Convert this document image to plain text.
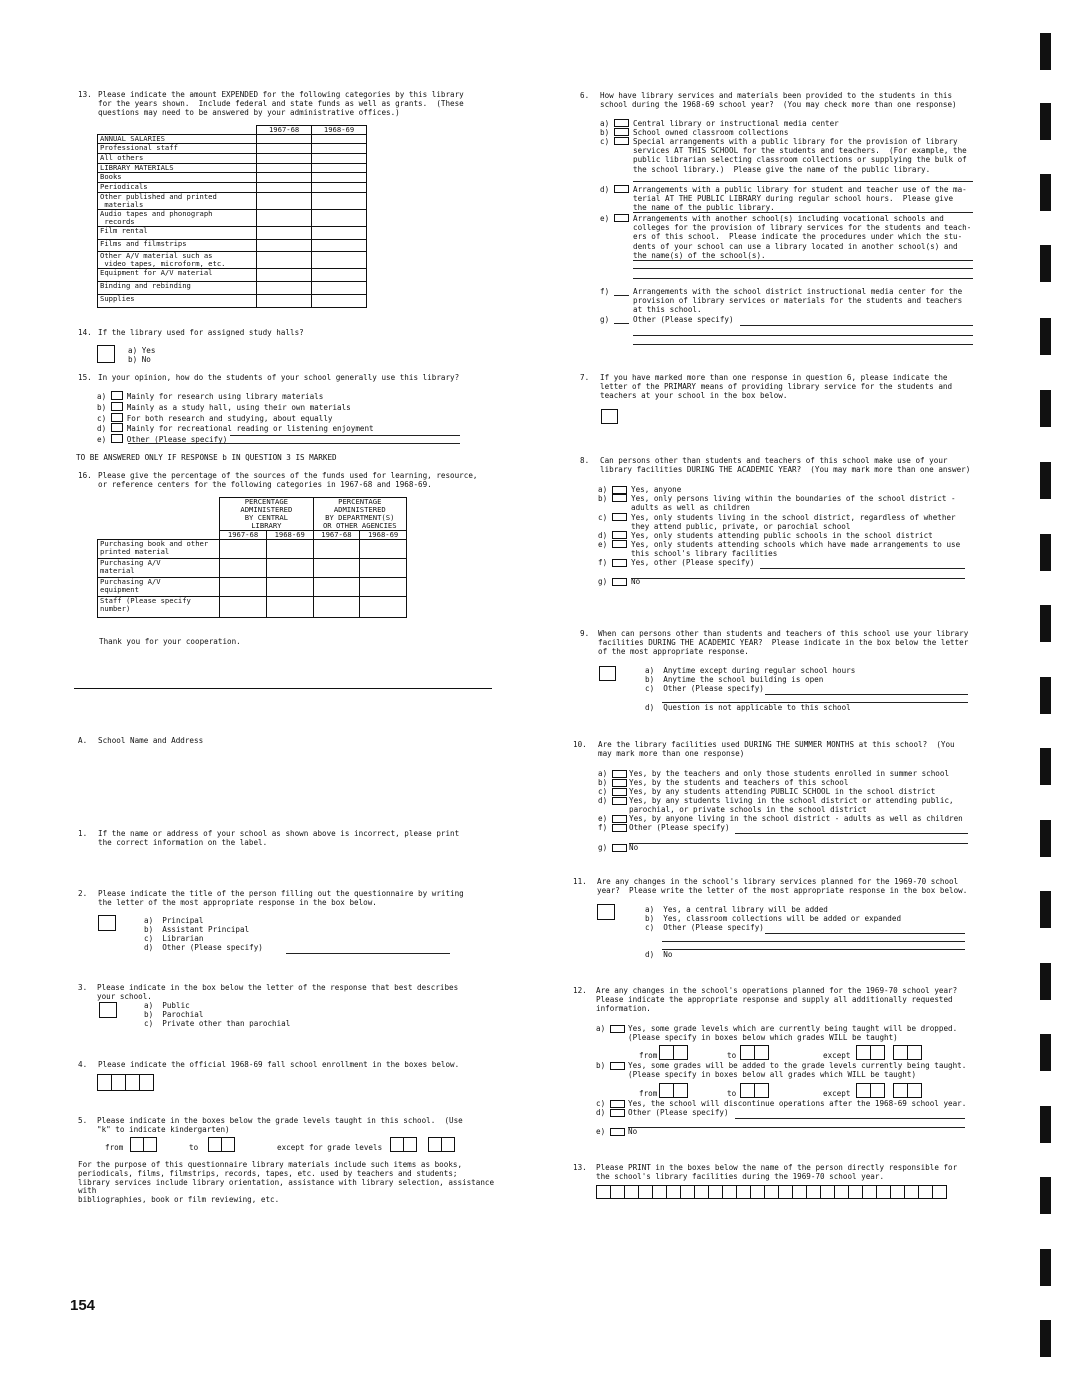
13. Please indicate the amount EXPENDED for the following categories by this library
for the years shown.  Include federal and state funds as well as grants.  (These
questions may need to be answered by your administrative offices.)
	1967-68	1968-69
ANNUAL SALARIES		
Professional staff		
All others		
LIBRARY MATERIALS		
Books		
Periodicals		
Other published and printed
materials		
Audio tapes and phonograph
records		
Film rental		
Films and filmstrips		
Other A/V material such as
video tapes, microform, etc.		
Equipment for A/V material		
Binding and rebinding		
Supplies		
14. If the library used for assigned study halls?
a) Yes
b) No
15. In your opinion, how do the students of your school generally use this library?
a)	Mainly for research using library materials
b)	Mainly as a study hall, using their own materials
c)	For both research and studying, about equally
d)	Mainly for recreational reading or listening enjoyment
e)	Other (Please specify)
TO BE ANSWERED ONLY IF RESPONSE b IN QUESTION 3 IS MARKED
16. Please give the percentage of the sources of the funds used for learning, resource,
or reference centers for the following categories in 1967-68 and 1968-69.
	PERCENTAGE
ADMINISTERED
BY CENTRAL
LIBRARY		PERCENTAGE
ADMINISTERED
BY DEPARTMENT(S)
OR OTHER AGENCIES	
	1967-68	1968-69	1967-68	1968-69
Purchasing book and other
printed material				
Purchasing A/V
material				
Purchasing A/V
equipment				
Staff (Please specify
number)				
Thank you for your cooperation.
A. School Name and Address
1. If the name or address of your school as shown above is incorrect, please print
the correct information on the label.
2. Please indicate the title of the person filling out the questionnaire by writing
the letter of the most appropriate response in the box below.
a)  Principal
b)  Assistant Principal
c)  Librarian
d)  Other (Please specify)
3. Please indicate in the box below the letter of the response that best describes
your school.
a)  Public
b)  Parochial
c)  Private other than parochial
4. Please indicate the official 1968-69 fall school enrollment in the boxes below.
5. Please indicate in the boxes below the grade levels taught in this school.  (Use
"k" to indicate kindergarten)
from	to	except for grade levels
For the purpose of this questionnaire library materials include such items as books,
periodicals, films, filmstrips, records, tapes, etc. used by teachers and students;
library services include library orientation, assistance with library selection, assistance with
bibliographies, book or film reviewing, etc.
154
6. How have library services and materials been provided to the students in this
school during the 1968-69 school year?  (You may check more than one response)
a)	Central library or instructional media center
b)	School owned classroom collections
c)	Special arrangements with a public library for the provision of library
services AT THIS SCHOOL for the students and teachers.  (For example, the
public librarian selecting classroom collections or supplying the bulk of
the school library.)  Please give the name of the public library.
d)	Arrangements with a public library for student and teacher use of the ma-
terial AT THE PUBLIC LIBRARY during regular school hours.  Please give
the name of the public library.
e)	Arrangements with another school(s) including vocational schools and
colleges for the provision of library services for the students and teach-
ers of this school.  Please indicate the procedures under which the stu-
dents of your school can use a library located in another school(s) and
the name(s) of the school(s).
f)	Arrangements with the school district instructional media center for the
provision of library services or materials for the students and teachers
at this school.
g)	Other (Please specify)
7. If you have marked more than one response in question 6, please indicate the
letter of the PRIMARY means of providing library service for the students and
teachers at your school in the box below.
8. Can persons other than students and teachers of this school make use of your
library facilities DURING THE ACADEMIC YEAR?  (You may mark more than one answer)
a)	Yes, anyone
b)	Yes, only persons living within the boundaries of the school district -
adults as well as children
c)	Yes, only students living in the school district, regardless of whether
they attend public, private, or parochial school
d)	Yes, only students attending public schools in the school district
e)	Yes, only students attending schools which have made arrangements to use
this school's library facilities
f)	Yes, other (Please specify)
g)	No
9. When can persons other than students and teachers of this school use your library
facilities DURING THE ACADEMIC YEAR?  Please indicate in the box below the letter
of the most appropriate response.
a)  Anytime except during regular school hours
b)  Anytime the school building is open
c)  Other (Please specify)
d)  Question is not applicable to this school
10. Are the library facilities used DURING THE SUMMER MONTHS at this school?  (You
may mark more than one response)
a)	Yes, by the teachers and only those students enrolled in summer school
b)	Yes, by the students and teachers of this school
c)	Yes, by any students attending PUBLIC SCHOOL in the school district
d)	Yes, by any students living in the school district or attending public,
parochial, or private schools in the school district
e)	Yes, by anyone living in the school district - adults as well as children
f)	Other (Please specify)
g)	No
11. Are any changes in the school's library services planned for the 1969-70 school
year?  Please write the letter of the most appropriate response in the box below.
a)  Yes, a central library will be added
b)  Yes, classroom collections will be added or expanded
c)  Other (Please specify)
d)  No
12. Are any changes in the school's operations planned for the 1969-70 school year?
Please indicate the appropriate response and supply all additionally requested
information.
a)	Yes, some grade levels which are currently being taught will be dropped.
(Please specify in boxes below which grades WILL be taught)
from	to	except
b)	Yes, some grades will be added to the grade levels currently being taught.
(Please specify in boxes below all grades which WILL be taught)
from	to	except
c)	Yes, the school will discontinue operations after the 1968-69 school year.
d)	Other (Please specify)
e)	No
13. Please PRINT in the boxes below the name of the person directly responsible for
the school's library facilities during the 1969-70 school year.
